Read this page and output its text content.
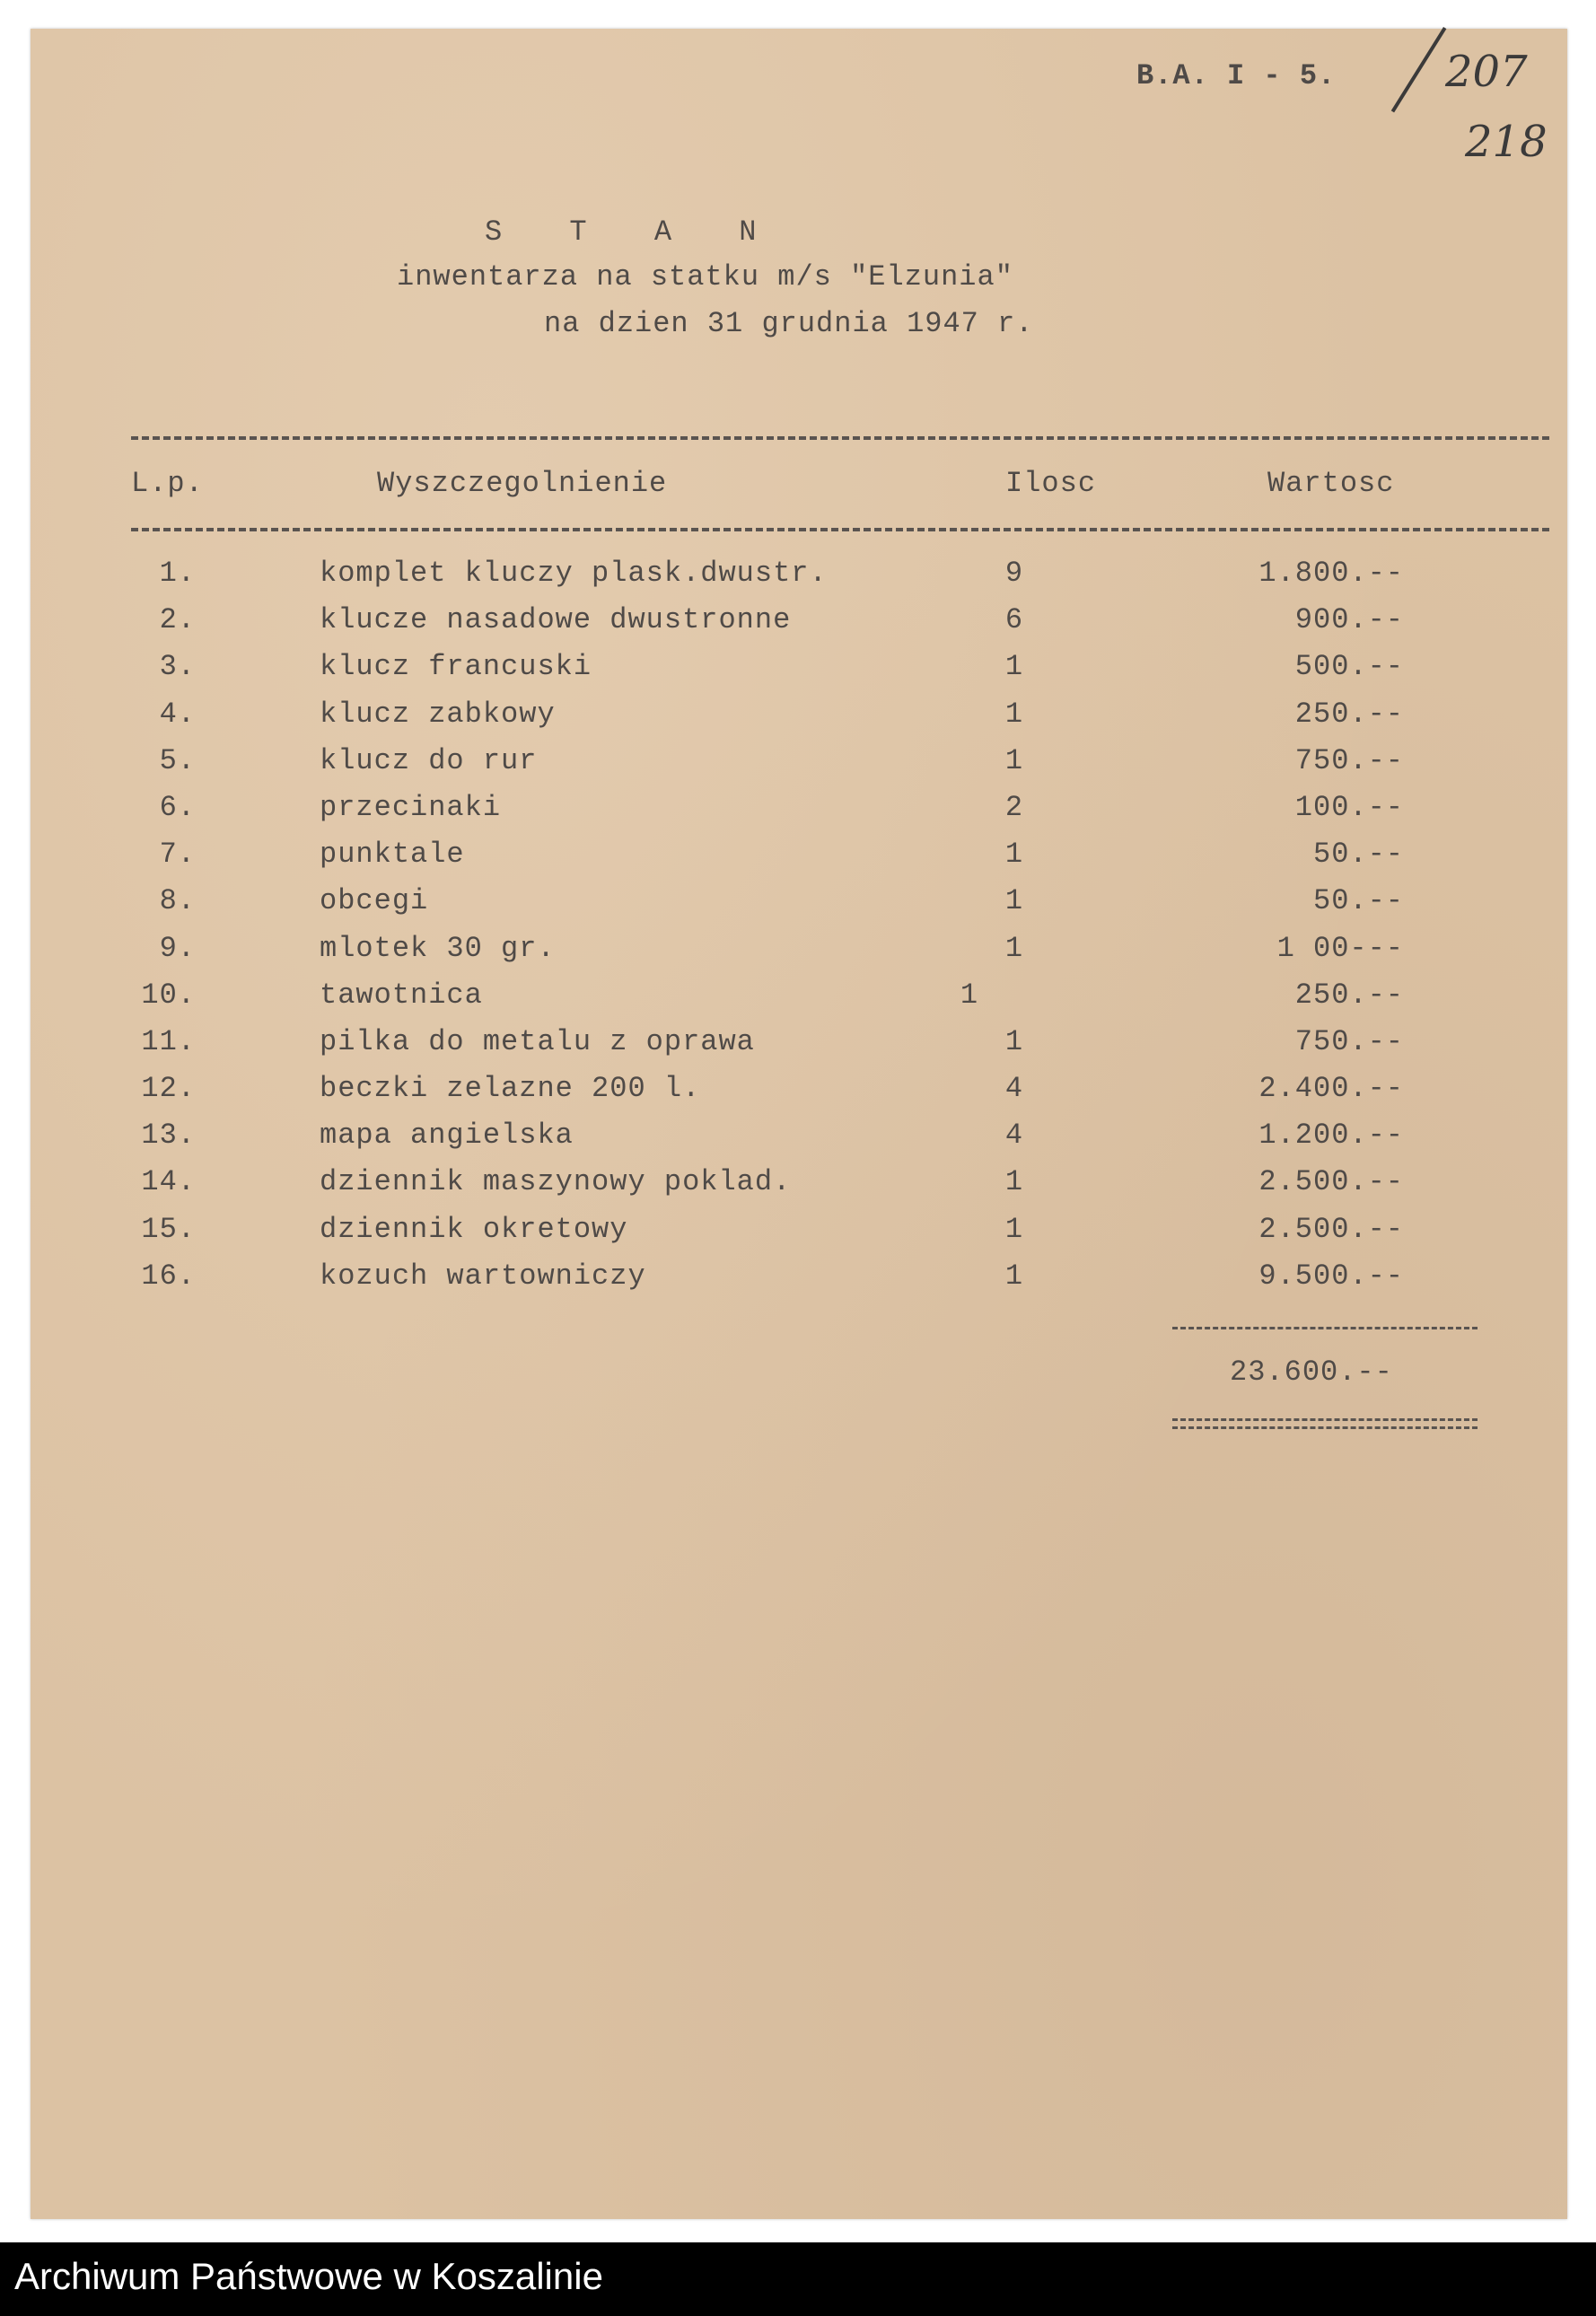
B.A. I - 5.	207
218
S T A N
inwentarza na statku m/s "Elzunia"
na dzien 31 grudnia 1947 r.
L.p.	Wyszczegolnienie	Ilosc	Wartosc
1.	komplet kluczy plask.dwustr.	9	1.800.--
2.	klucze nasadowe dwustronne	6	900.--
3.	klucz francuski	1	500.--
4.	klucz zabkowy	1	250.--
5.	klucz do rur	1	750.--
6.	przecinaki	2	100.--
7.	punktale	1	50.--
8.	obcegi	1	50.--
9.	mlotek 30 gr.	1	1 00---
10.	tawotnica	1	250.--
11.	pilka do metalu z oprawa	1	750.--
12.	beczki zelazne 200 l.	4	2.400.--
13.	mapa angielska	4	1.200.--
14.	dziennik maszynowy poklad.	1	2.500.--
15.	dziennik okretowy	1	2.500.--
16.	kozuch wartowniczy	1	9.500.--
23.600.--
Archiwum Państwowe w Koszalinie
